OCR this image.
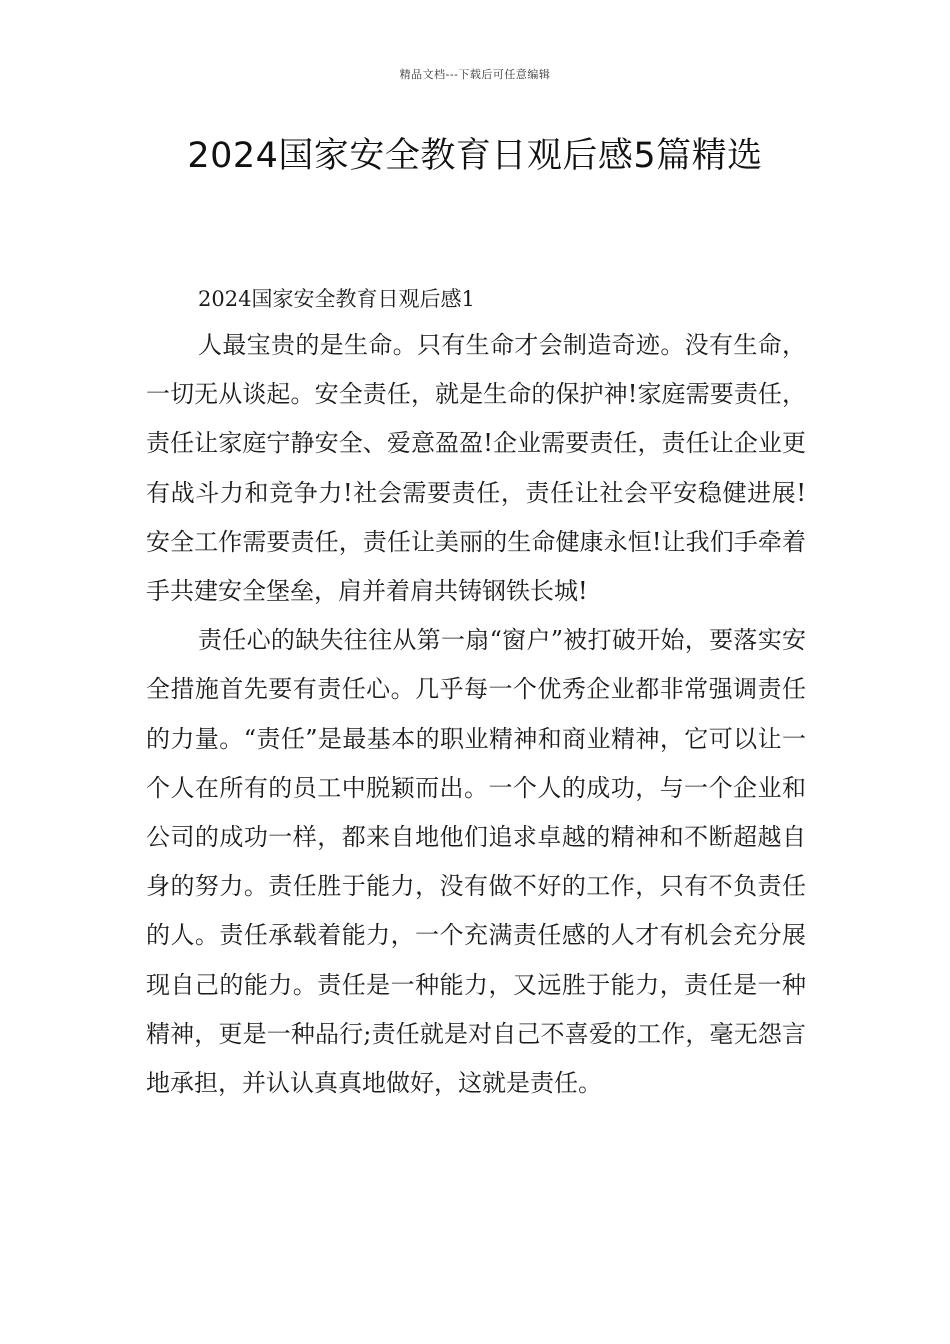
精品文档---下载后可任意编辑
2024国家安全教育日观后感5篇精选

2024国家安全教育日观后感1

人最宝贵的是生命。只有生命才会制造奇迹。没有生命，一切无从谈起。安全责任，就是生命的保护神!家庭需要责任，责任让家庭宁静安全、爱意盈盈!企业需要责任，责任让企业更有战斗力和竞争力!社会需要责任，责任让社会平安稳健进展!安全工作需要责任，责任让美丽的生命健康永恒!让我们手牵着手共建安全堡垒，肩并着肩共铸钢铁长城!

责任心的缺失往往从第一扇“窗户”被打破开始，要落实安全措施首先要有责任心。几乎每一个优秀企业都非常强调责任的力量。“责任”是最基本的职业精神和商业精神，它可以让一个人在所有的员工中脱颖而出。一个人的成功，与一个企业和公司的成功一样，都来自地他们追求卓越的精神和不断超越自身的努力。责任胜于能力，没有做不好的工作，只有不负责任的人。责任承载着能力，一个充满责任感的人才有机会充分展现自己的能力。责任是一种能力，又远胜于能力，责任是一种精神，更是一种品行;责任就是对自己不喜爱的工作，毫无怨言地承担，并认认真真地做好，这就是责任。
